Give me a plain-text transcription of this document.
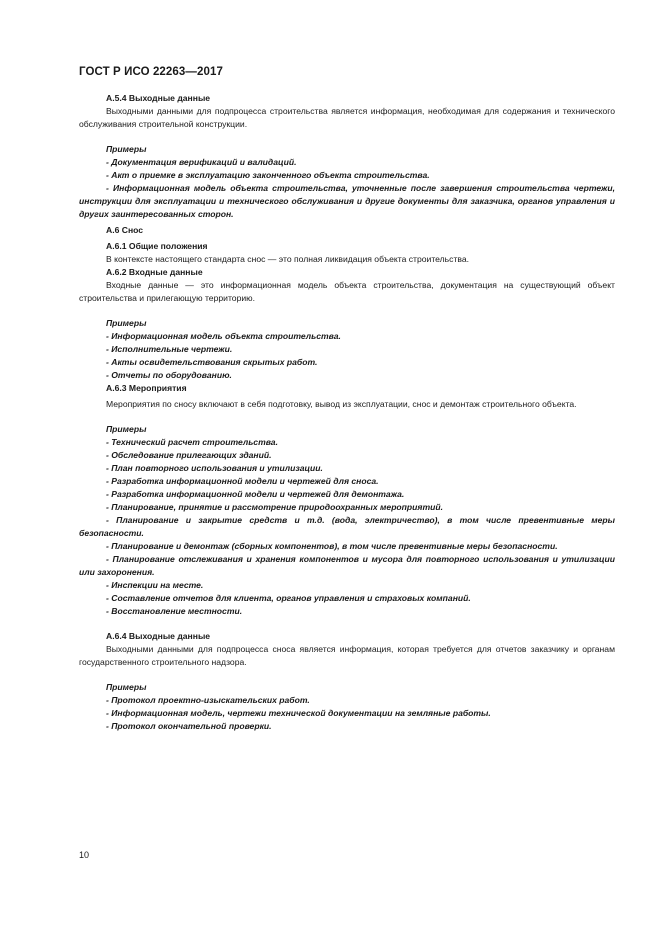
ГОСТ Р ИСО 22263—2017
А.5.4 Выходные данные
Выходными данными для подпроцесса строительства является информация, необходимая для содержания и технического обслуживания строительной конструкции.
Примеры
- Документация верификаций и валидаций.
- Акт о приемке в эксплуатацию законченного объекта строительства.
- Информационная модель объекта строительства, уточненные после завершения строительства чертежи, инструкции для эксплуатации и технического обслуживания и другие документы для заказчика, органов управления и других заинтересованных сторон.
А.6 Снос
А.6.1 Общие положения
В контексте настоящего стандарта снос — это полная ликвидация объекта строительства.
А.6.2 Входные данные
Входные данные — это информационная модель объекта строительства, документация на существующий объект строительства и прилегающую территорию.
Примеры
- Информационная модель объекта строительства.
- Исполнительные чертежи.
- Акты освидетельствования скрытых работ.
- Отчеты по оборудованию.
А.6.3 Мероприятия
Мероприятия по сносу включают в себя подготовку, вывод из эксплуатации, снос и демонтаж строительного объекта.
Примеры
- Технический расчет строительства.
- Обследование прилегающих зданий.
- План повторного использования и утилизации.
- Разработка информационной модели и чертежей для сноса.
- Разработка информационной модели и чертежей для демонтажа.
- Планирование, принятие и рассмотрение природоохранных мероприятий.
- Планирование и закрытие средств и т.д. (вода, электричество), в том числе превентивные меры безопасности.
- Планирование и демонтаж (сборных компонентов), в том числе превентивные меры безопасности.
- Планирование отслеживания и хранения компонентов и мусора для повторного использования и утилизации или захоронения.
- Инспекции на месте.
- Составление отчетов для клиента, органов управления и страховых компаний.
- Восстановление местности.
А.6.4 Выходные данные
Выходными данными для подпроцесса сноса является информация, которая требуется для отчетов заказчику и органам государственного строительного надзора.
Примеры
- Протокол проектно-изыскательских работ.
- Информационная модель, чертежи технической документации на земляные работы.
- Протокол окончательной проверки.
10
